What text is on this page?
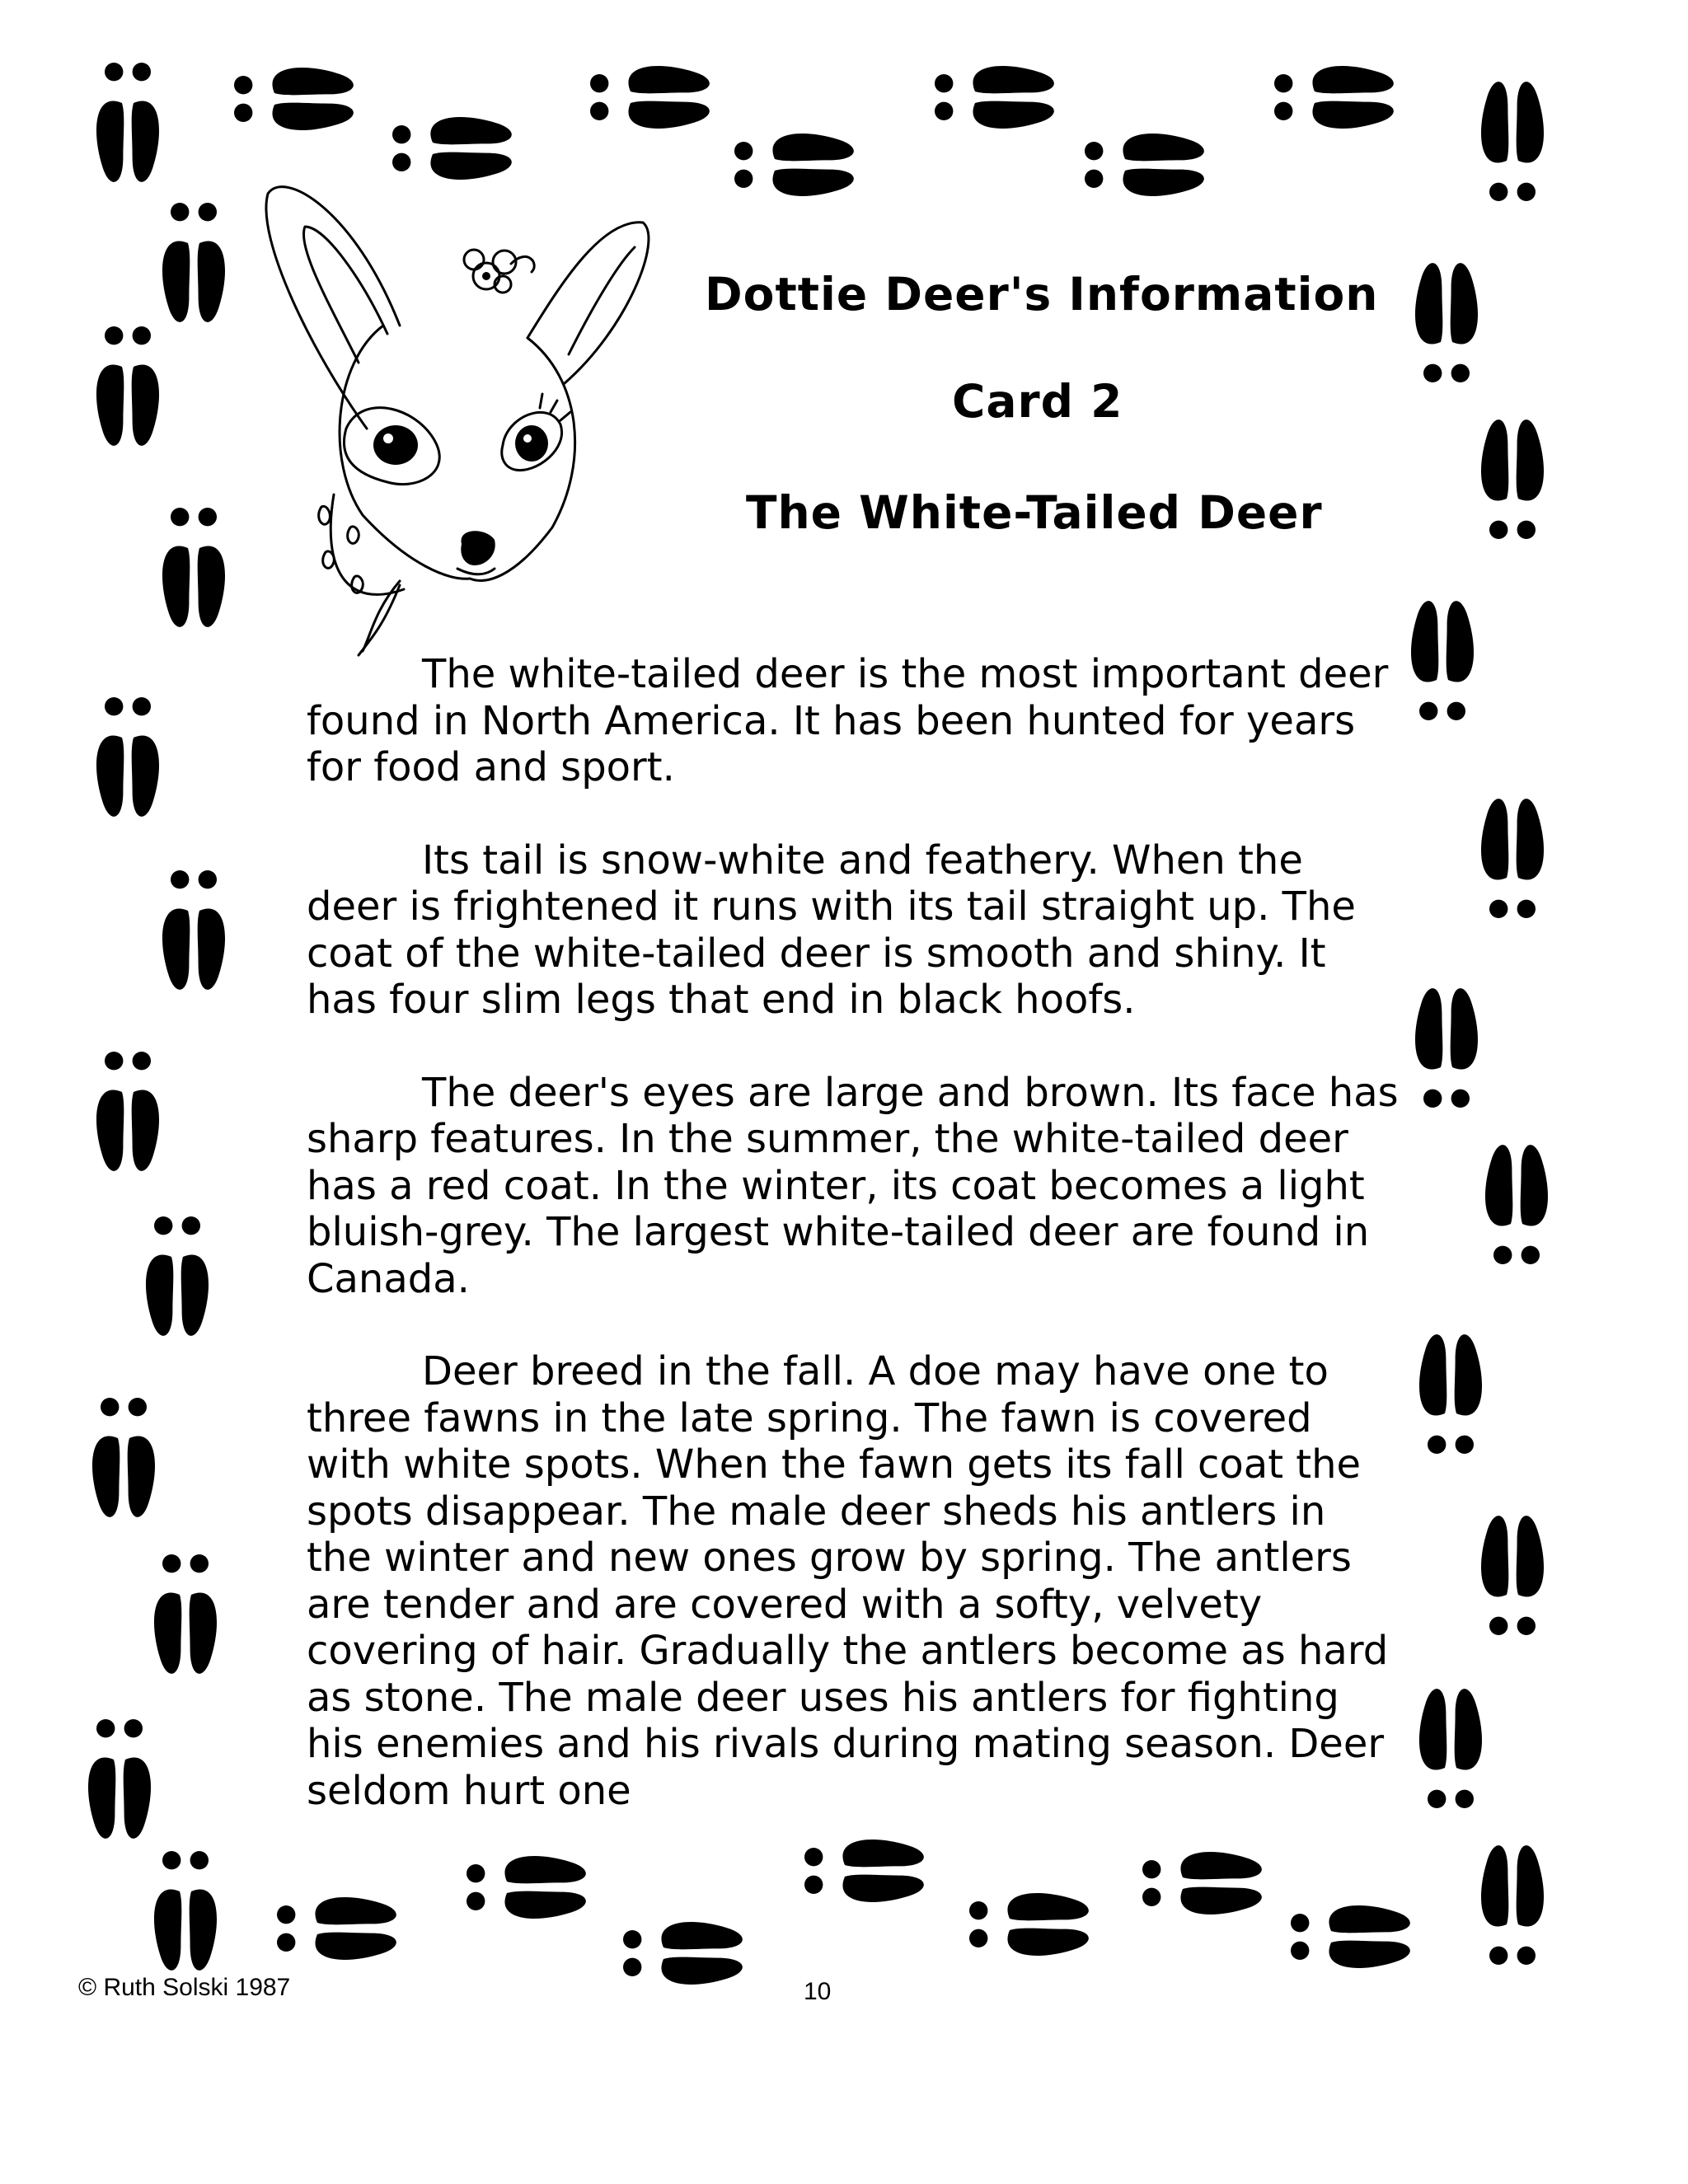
Dottie Deer's Information
Card 2
The White-Tailed Deer

The white-tailed deer is the most important deer found in North America. It has been hunted for years for food and sport.

Its tail is snow-white and feathery. When the deer is frightened it runs with its tail straight up. The coat of the white-tailed deer is smooth and shiny. It has four slim legs that end in black hoofs.

The deer's eyes are large and brown. Its face has sharp features. In the summer, the white-tailed deer has a red coat. In the winter, its coat becomes a light bluish-grey. The largest white-tailed deer are found in Canada.

Deer breed in the fall. A doe may have one to three fawns in the late spring. The fawn is covered with white spots. When the fawn gets its fall coat the spots disappear. The male deer sheds his antlers in the winter and new ones grow by spring. The antlers are tender and are covered with a softy, velvety covering of hair. Gradually the antlers become as hard as stone. The male deer uses his antlers for fighting his enemies and his rivals during mating season. Deer seldom hurt one

© Ruth Solski 1987	10
